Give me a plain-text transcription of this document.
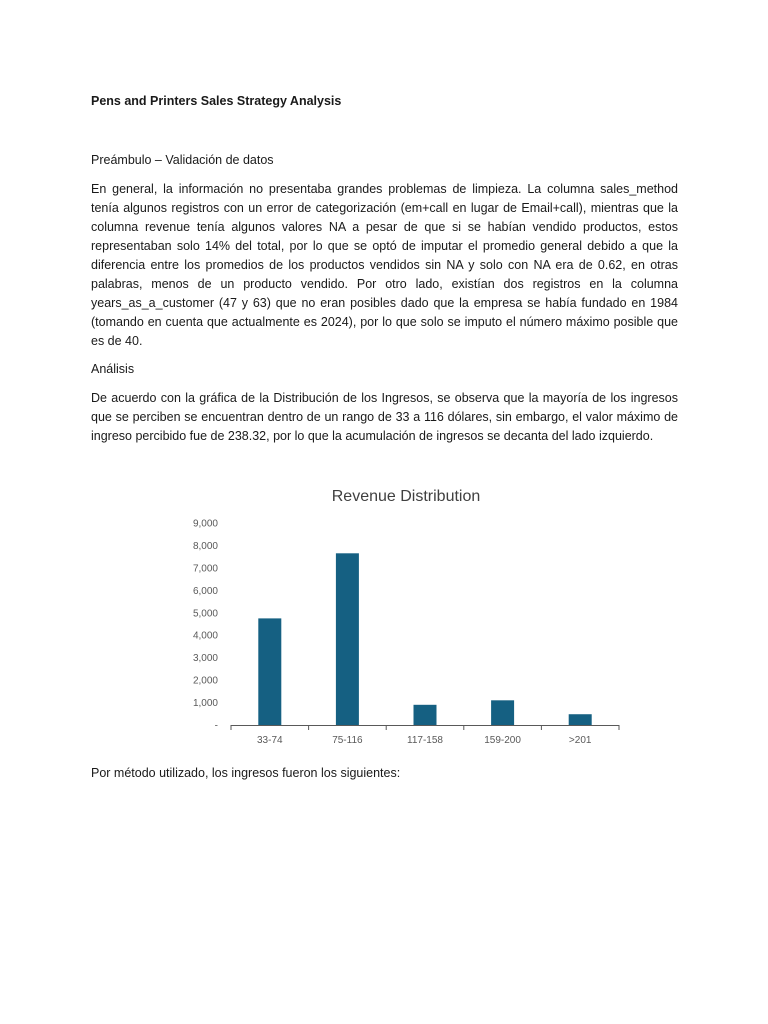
Pens and Printers Sales Strategy Analysis

Preámbulo – Validación de datos

En general, la información no presentaba grandes problemas de limpieza. La columna sales_method tenía algunos registros con un error de categorización (em+call en lugar de Email+call), mientras que la columna revenue tenía algunos valores NA a pesar de que si se habían vendido productos, estos representaban solo 14% del total, por lo que se optó de imputar el promedio general debido a que la diferencia entre los promedios de los productos vendidos sin NA y solo con NA era de 0.62, en otras palabras, menos de un producto vendido. Por otro lado, existían dos registros en la columna years_as_a_customer (47 y 63) que no eran posibles dado que la empresa se había fundado en 1984 (tomando en cuenta que actualmente es 2024), por lo que solo se imputo el número máximo posible que es de 40.

Análisis

De acuerdo con la gráfica de la Distribución de los Ingresos, se observa que la mayoría de los ingresos que se perciben se encuentran dentro de un rango de 33 a 116 dólares, sin embargo, el valor máximo de ingreso percibido fue de 238.32, por lo que la acumulación de ingresos se decanta del lado izquierdo.

Revenue Distribution
-
1,000
2,000
3,000
4,000
5,000
6,000
7,000
8,000
9,000
33-74	75-116	117-158	159-200	>201

Por método utilizado, los ingresos fueron los siguientes:
